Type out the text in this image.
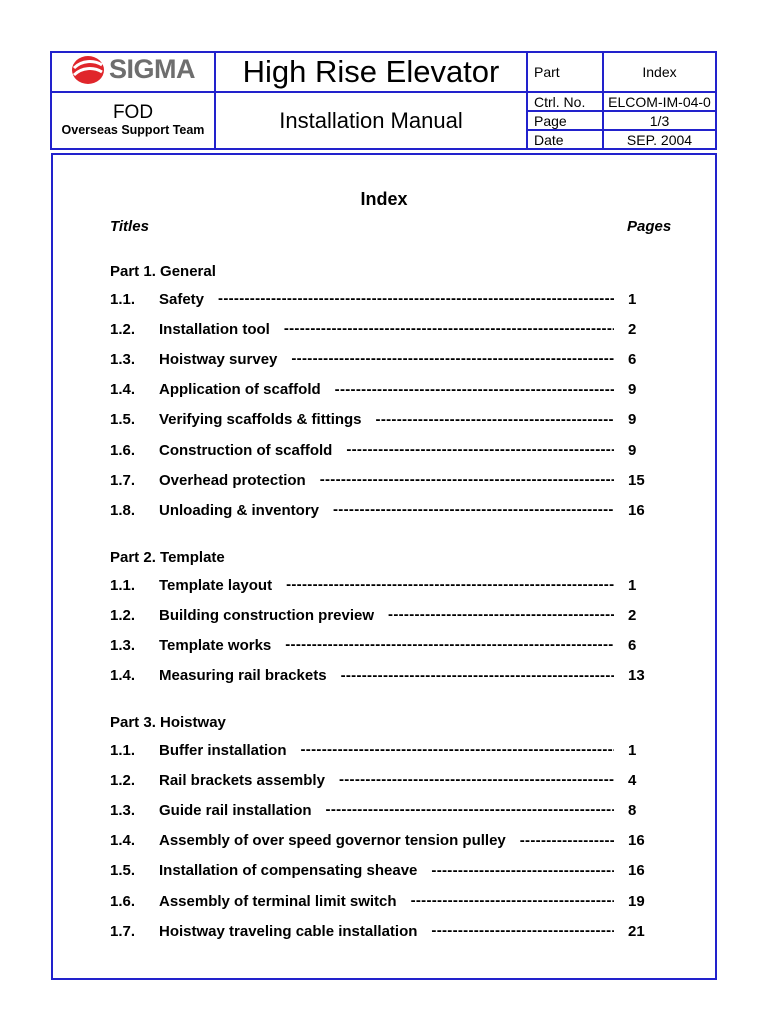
SIGMA	High Rise Elevator	Part	Index

FOD
Overseas Support Team	Installation Manual	Ctrl. No.	ELCOM-IM-04-0
		Page	1/3
		Date	SEP. 2004
Index
Titles	Pages
Part 1. General
1.1.	Safety -----	1
1.2.	Installation tool -----	2
1.3.	Hoistway survey -----	6
1.4.	Application of scaffold -----	9
1.5.	Verifying scaffolds & fittings -----	9
1.6.	Construction of scaffold -----	9
1.7.	Overhead protection -----	15
1.8.	Unloading & inventory -----	16
Part 2. Template
1.1.	Template layout -----	1
1.2.	Building construction preview -----	2
1.3.	Template works -----	6
1.4.	Measuring rail brackets -----	13
Part 3. Hoistway
1.1.	Buffer installation -----	1
1.2.	Rail brackets assembly -----	4
1.3.	Guide rail installation -----	8
1.4.	Assembly of over speed governor tension pulley -----	16
1.5.	Installation of compensating sheave -----	16
1.6.	Assembly of terminal limit switch -----	19
1.7.	Hoistway traveling cable installation -----	21
